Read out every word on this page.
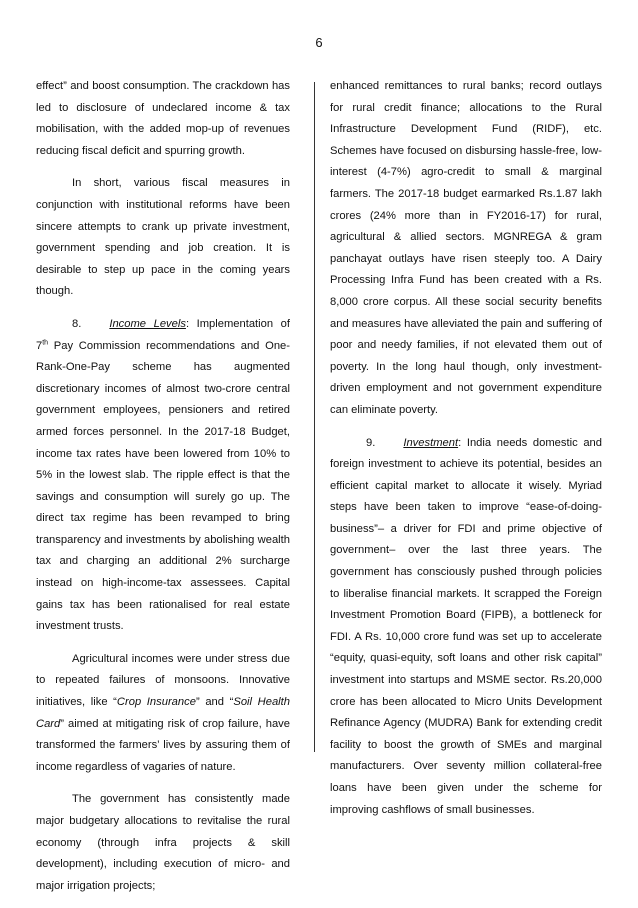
6

effect” and boost consumption. The crackdown has led to disclosure of undeclared income & tax mobilisation, with the added mop-up of revenues reducing fiscal deficit and spurring growth.

In short, various fiscal measures in conjunction with institutional reforms have been sincere attempts to crank up private investment, government spending and job creation. It is desirable to step up pace in the coming years though.

8.	Income Levels: Implementation of 7th Pay Commission recommendations and One-Rank-One-Pay scheme has augmented discretionary incomes of almost two-crore central government employees, pensioners and retired armed forces personnel. In the 2017-18 Budget, income tax rates have been lowered from 10% to 5% in the lowest slab. The ripple effect is that the savings and consumption will surely go up. The direct tax regime has been revamped to bring transparency and investments by abolishing wealth tax and charging an additional 2% surcharge instead on high-income-tax assessees. Capital gains tax has been rationalised for real estate investment trusts.

Agricultural incomes were under stress due to repeated failures of monsoons. Innovative initiatives, like “Crop Insurance” and “Soil Health Card” aimed at mitigating risk of crop failure, have transformed the farmers’ lives by assuring them of income regardless of vagaries of nature.

The government has consistently made major budgetary allocations to revitalise the rural economy (through infra projects & skill development), including execution of micro- and major irrigation projects;

enhanced remittances to rural banks; record outlays for rural credit finance; allocations to the Rural Infrastructure Development Fund (RIDF), etc. Schemes have focused on disbursing hassle-free, low-interest (4-7%) agro-credit to small & marginal farmers. The 2017-18 budget earmarked Rs.1.87 lakh crores (24% more than in FY2016-17) for rural, agricultural & allied sectors. MGNREGA & gram panchayat outlays have risen steeply too. A Dairy Processing Infra Fund has been created with a Rs. 8,000 crore corpus. All these social security benefits and measures have alleviated the pain and suffering of poor and needy families, if not elevated them out of poverty. In the long haul though, only investment-driven employment and not government expenditure can eliminate poverty.

9.	Investment: India needs domestic and foreign investment to achieve its potential, besides an efficient capital market to allocate it wisely. Myriad steps have been taken to improve “ease-of-doing-business”– a driver for FDI and prime objective of government– over the last three years. The government has consciously pushed through policies to liberalise financial markets. It scrapped the Foreign Investment Promotion Board (FIPB), a bottleneck for FDI. A Rs. 10,000 crore fund was set up to accelerate “equity, quasi-equity, soft loans and other risk capital” investment into startups and MSME sector. Rs.20,000 crore has been allocated to Micro Units Development Refinance Agency (MUDRA) Bank for extending credit facility to boost the growth of SMEs and marginal manufacturers. Over seventy million collateral-free loans have been given under the scheme for improving cashflows of small businesses.
